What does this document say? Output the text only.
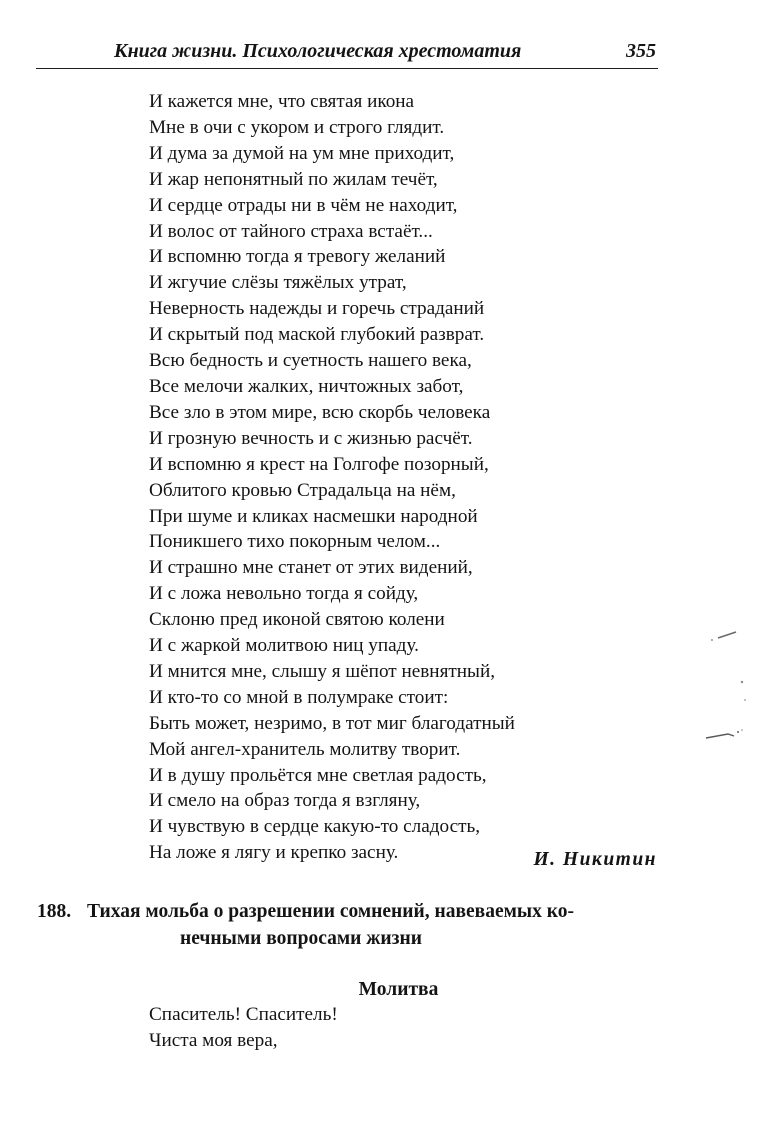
Книга жизни. Психологическая хрестоматия	355
И кажется мне, что святая икона
Мне в очи с укором и строго глядит.
И дума за думой на ум мне приходит,
И жар непонятный по жилам течёт,
И сердце отрады ни в чём не находит,
И волос от тайного страха встаёт...
И вспомню тогда я тревогу желаний
И жгучие слёзы тяжёлых утрат,
Неверность надежды и горечь страданий
И скрытый под маской глубокий разврат.
Всю бедность и суетность нашего века,
Все мелочи жалких, ничтожных забот,
Все зло в этом мире, всю скорбь человека
И грозную вечность и с жизнью расчёт.
И вспомню я крест на Голгофе позорный,
Облитого кровью Страдальца на нём,
При шуме и кликах насмешки народной
Поникшего тихо покорным челом...
И страшно мне станет от этих видений,
И с ложа невольно тогда я сойду,
Склоню пред иконой святою колени
И с жаркой молитвою ниц упаду.
И мнится мне, слышу я шёпот невнятный,
И кто-то со мной в полумраке стоит:
Быть может, незримо, в тот миг благодатный
Мой ангел-хранитель молитву творит.
И в душу прольётся мне светлая радость,
И смело на образ тогда я взгляну,
И чувствую в сердце какую-то сладость,
На ложе я лягу и крепко засну.	И. Никитин
188. Тихая мольба о разрешении сомнений, навеваемых ко-
нечными вопросами жизни
Молитва
Спаситель! Спаситель!
Чиста моя вера,
